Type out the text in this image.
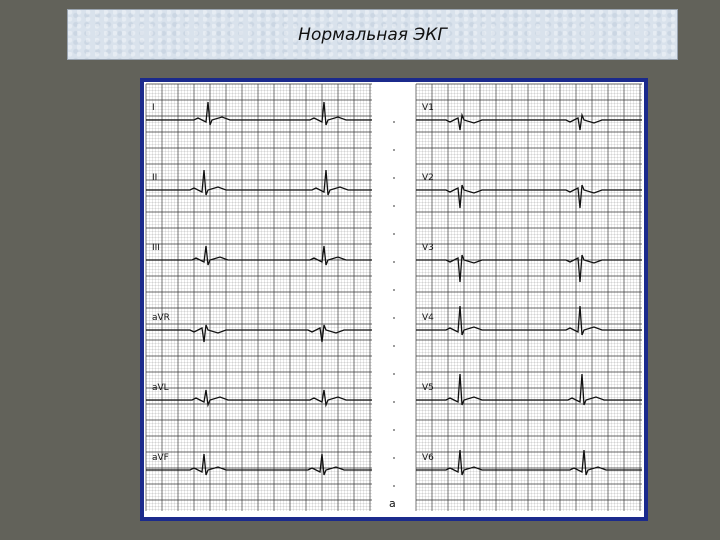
Нормальная ЭКГ
I
II
III
aVR
aVL
aVF
V1
V2
V3
V4
V5
V6
а
